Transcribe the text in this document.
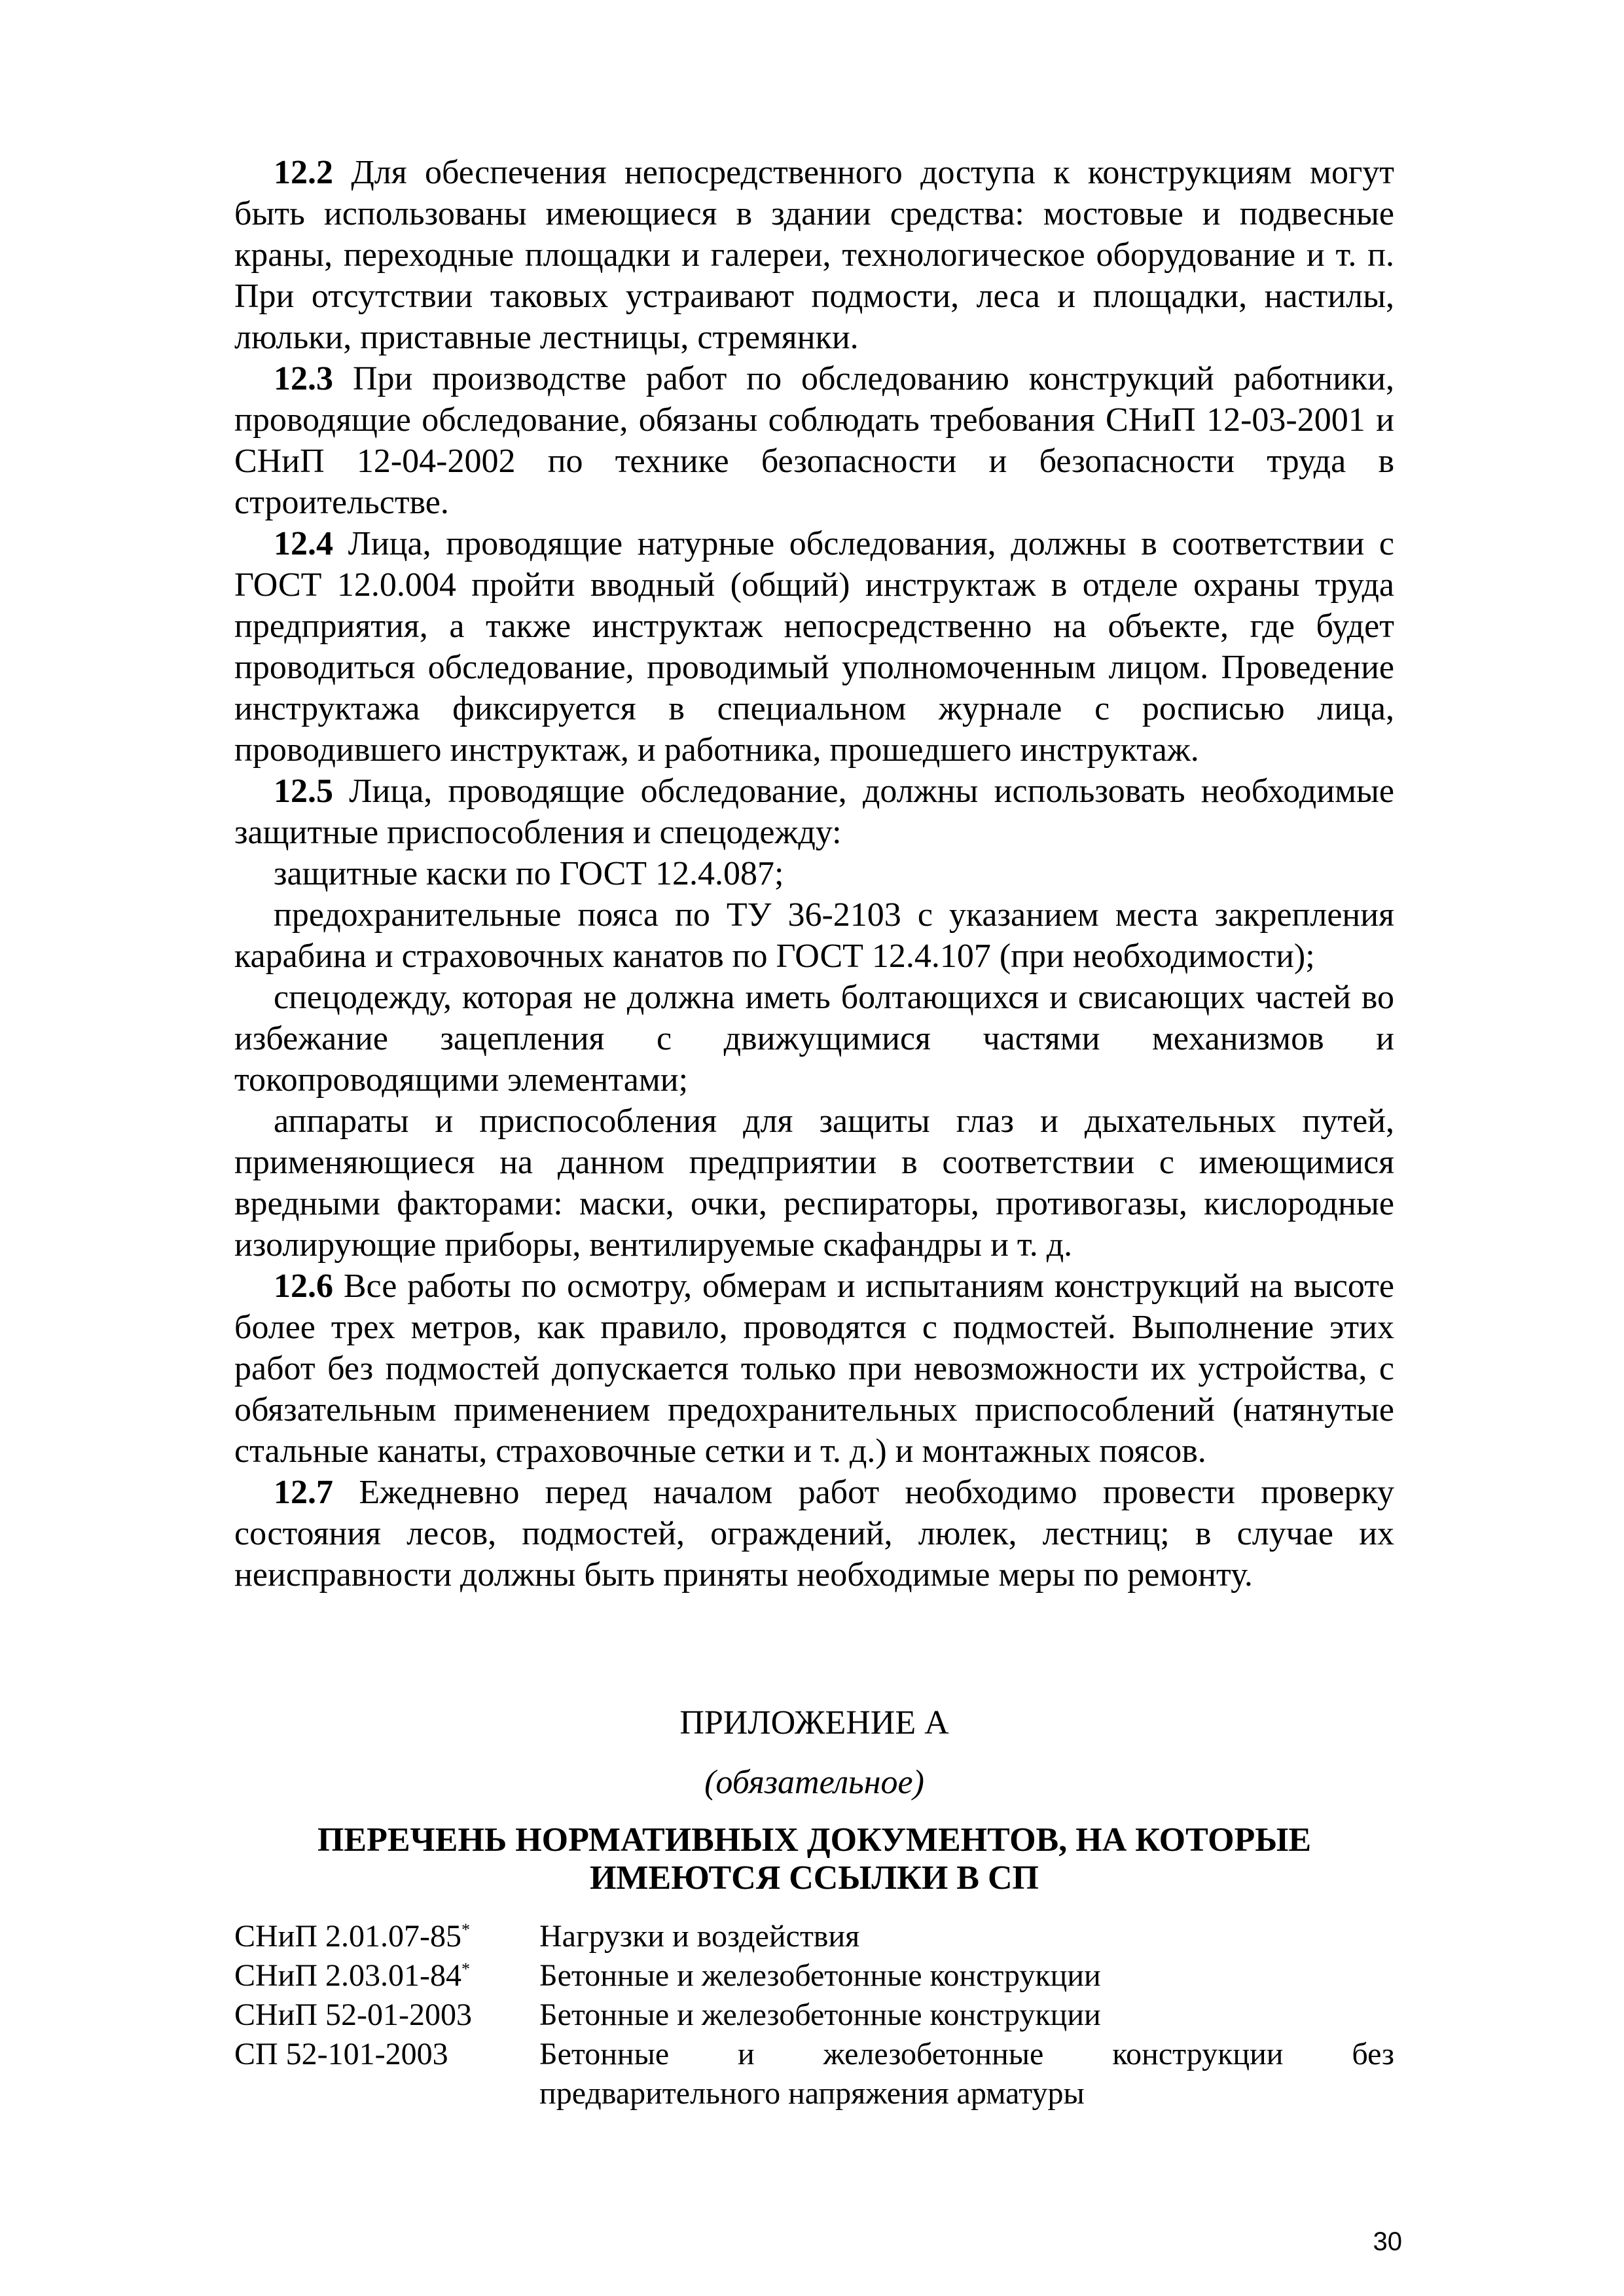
12.2 Для обеспечения непосредственного доступа к конструкциям могут быть использованы имеющиеся в здании средства: мостовые и подвесные краны, переходные площадки и галереи, технологическое оборудование и т. п. При отсутствии таковых устраивают подмости, леса и площадки, настилы, люльки, приставные лестницы, стремянки.

12.3 При производстве работ по обследованию конструкций работники, проводящие обследование, обязаны соблюдать требования СНиП 12-03-2001 и СНиП 12-04-2002 по технике безопасности и безопасности труда в строительстве.

12.4 Лица, проводящие натурные обследования, должны в соответствии с ГОСТ 12.0.004 пройти вводный (общий) инструктаж в отделе охраны труда предприятия, а также инструктаж непосредственно на объекте, где будет проводиться обследование, проводимый уполномоченным лицом. Проведение инструктажа фиксируется в специальном журнале с росписью лица, проводившего инструктаж, и работника, прошедшего инструктаж.

12.5 Лица, проводящие обследование, должны использовать необходимые защитные приспособления и спецодежду:

защитные каски по ГОСТ 12.4.087;

предохранительные пояса по ТУ 36-2103 с указанием места закрепления карабина и страховочных канатов по ГОСТ 12.4.107 (при необходимости);

спецодежду, которая не должна иметь болтающихся и свисающих частей во избежание зацепления с движущимися частями механизмов и токопроводящими элементами;

аппараты и приспособления для защиты глаз и дыхательных путей, применяющиеся на данном предприятии в соответствии с имеющимися вредными факторами: маски, очки, респираторы, противогазы, кислородные изолирующие приборы, вентилируемые скафандры и т. д.

12.6 Все работы по осмотру, обмерам и испытаниям конструкций на высоте более трех метров, как правило, проводятся с подмостей. Выполнение этих работ без подмостей допускается только при невозможности их устройства, с обязательным применением предохранительных приспособлений (натянутые стальные канаты, страховочные сетки и т. д.) и монтажных поясов.

12.7 Ежедневно перед началом работ необходимо провести проверку состояния лесов, подмостей, ограждений, люлек, лестниц; в случае их неисправности должны быть приняты необходимые меры по ремонту.

ПРИЛОЖЕНИЕ А

(обязательное)

ПЕРЕЧЕНЬ НОРМАТИВНЫХ ДОКУМЕНТОВ, НА КОТОРЫЕ ИМЕЮТСЯ ССЫЛКИ В СП

СНиП 2.01.07-85*	Нагрузки и воздействия
СНиП 2.03.01-84*	Бетонные и железобетонные конструкции
СНиП 52-01-2003	Бетонные и железобетонные конструкции
СП 52-101-2003	Бетонные и железобетонные конструкции без предварительного напряжения арматуры
30
